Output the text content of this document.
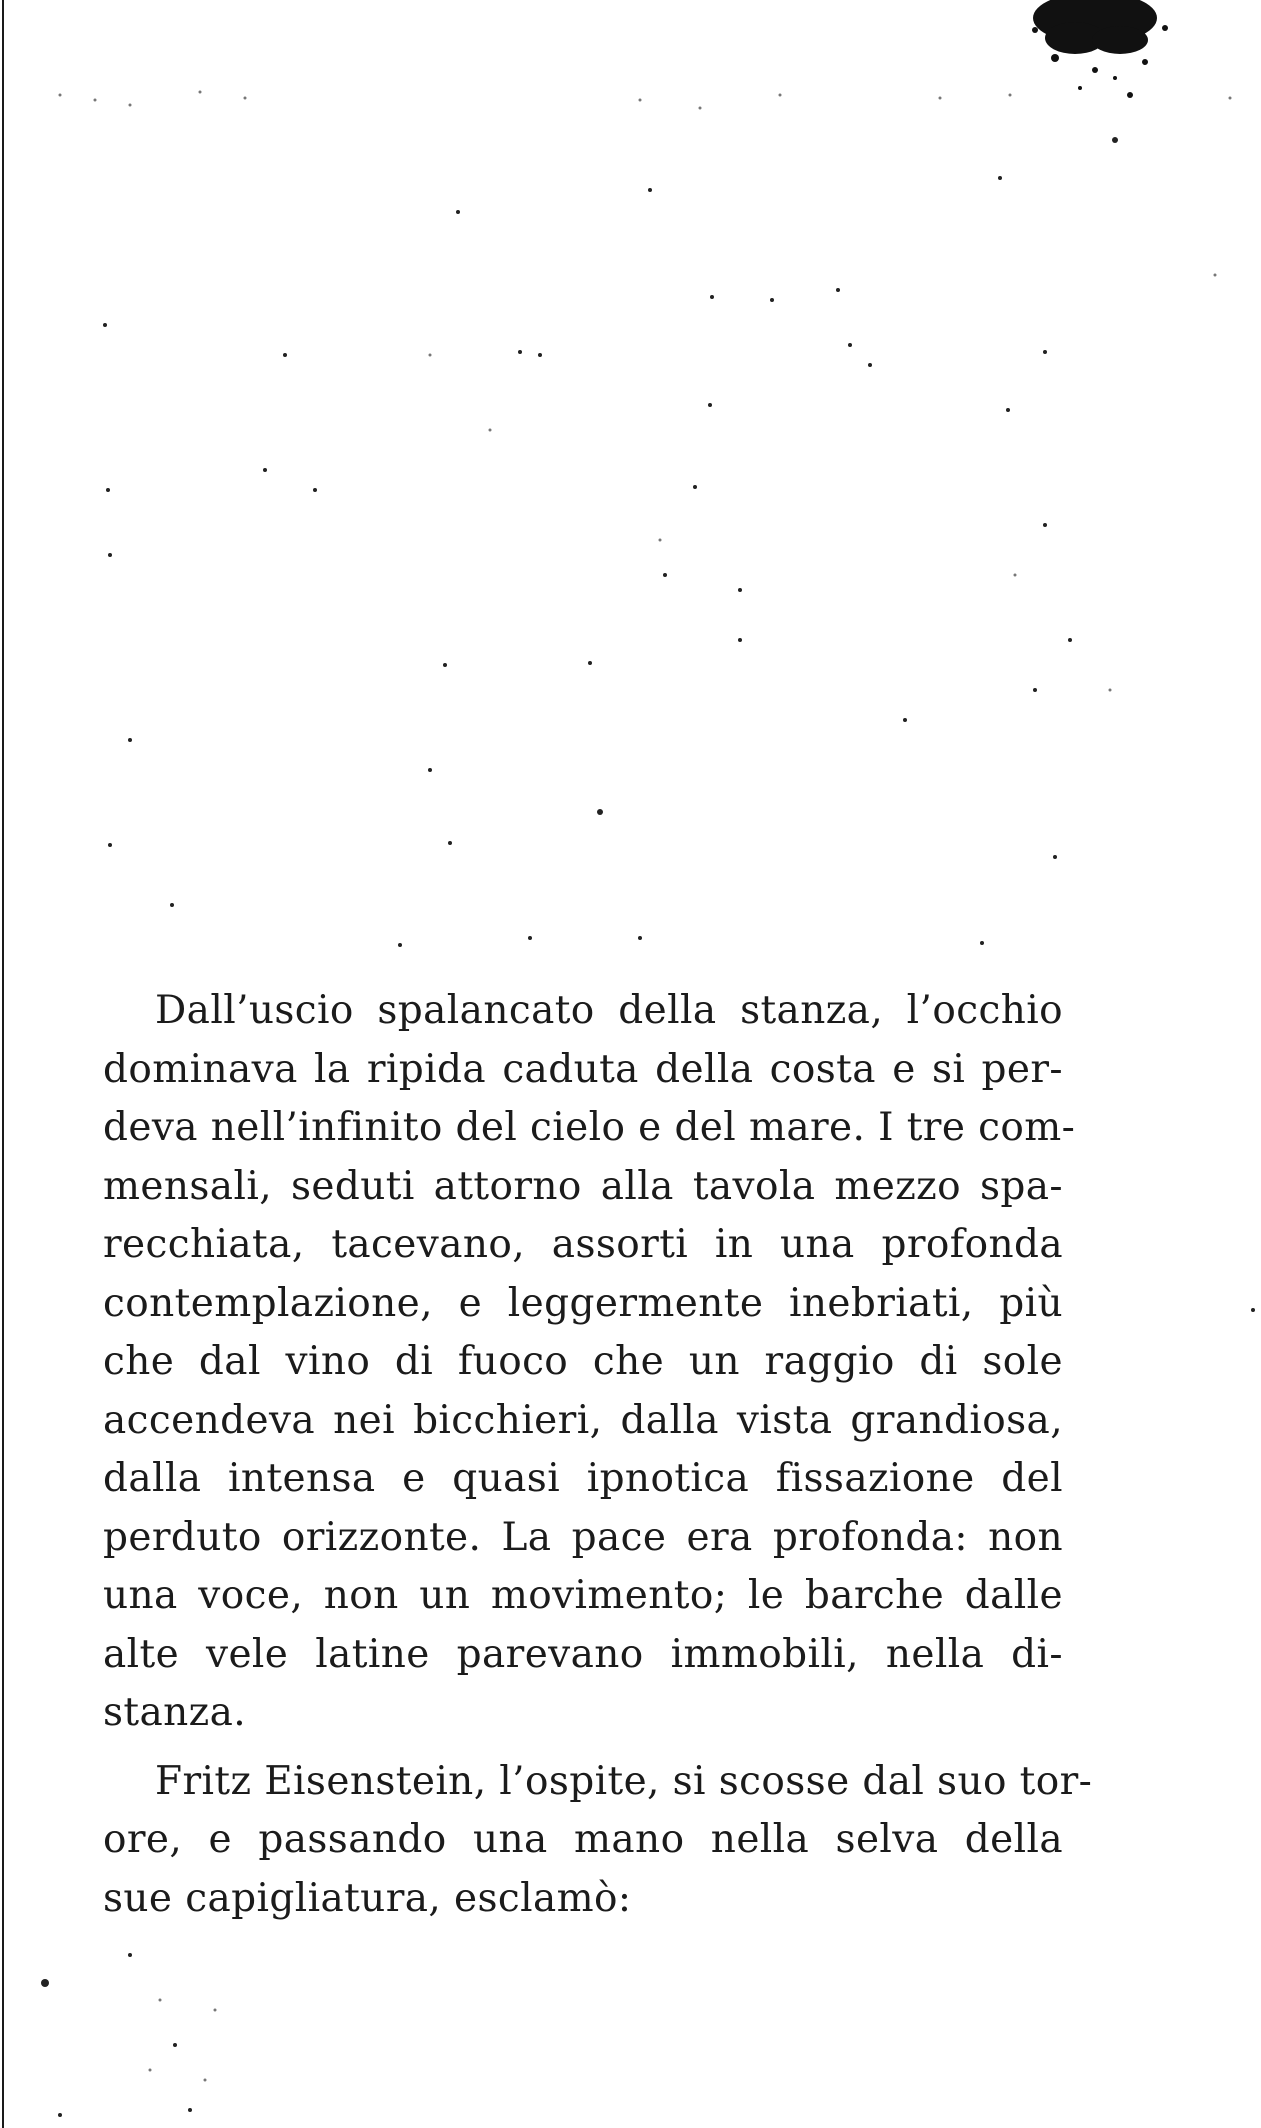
Dall’uscio spalancato della stanza, l’occhio

dominava la ripida caduta della costa e si per-
deva nell’infinito del cielo e del mare. I tre com-
mensali, seduti attorno alla tavola mezzo spa-
recchiata, tacevano, assorti in una profonda
contemplazione, e leggermente inebriati, più
che dal vino di fuoco che un raggio di sole
accendeva nei bicchieri, dalla vista grandiosa,
dalla intensa e quasi ipnotica fissazione del
perduto orizzonte. La pace era profonda: non
una voce, non un movimento; le barche dalle
alte vele latine parevano immobili, nella di-
stanza.

Fritz Eisenstein, l’ospite, si scosse dal suo tor-

ore, e passando una mano nella selva della
sue capigliatura, esclamò:
